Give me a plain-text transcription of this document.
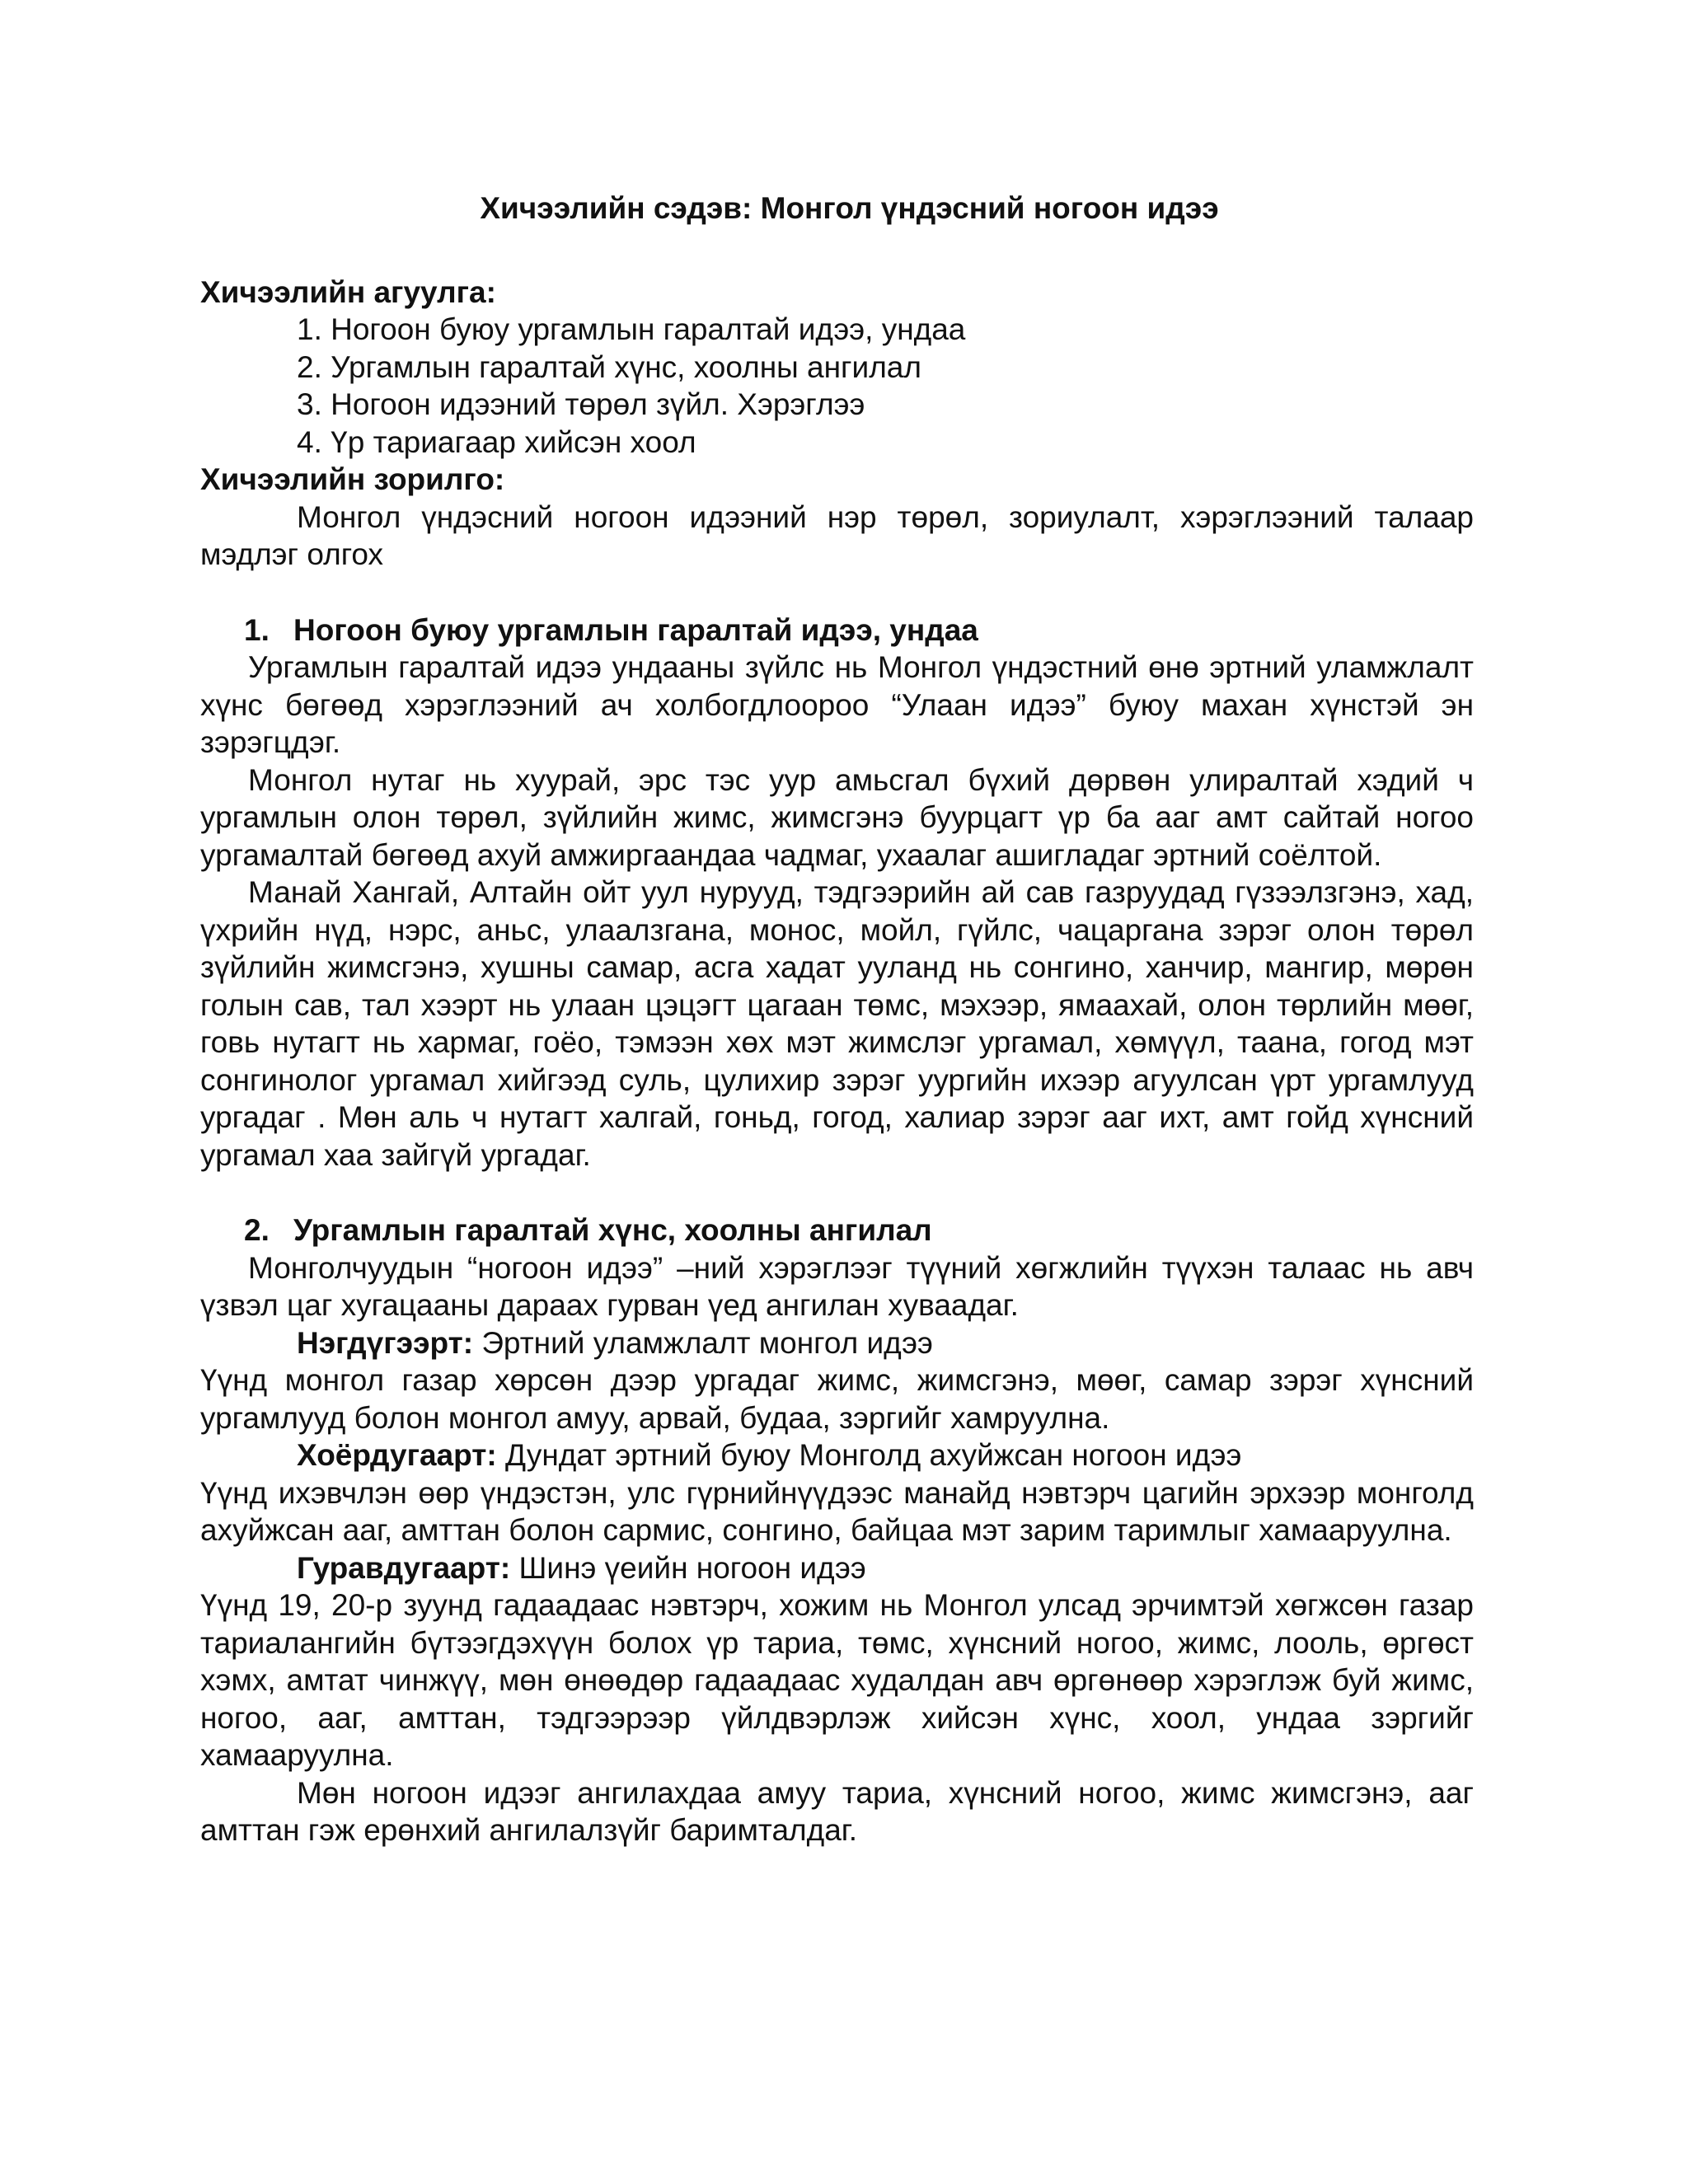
Хичээлийн сэдэв: Монгол үндэсний ногоон идээ
Хичээлийн агуулга:
1. Ногоон буюу ургамлын гаралтай идээ, ундаа
2. Ургамлын гаралтай хүнс, хоолны ангилал
3. Ногоон идээний төрөл зүйл. Хэрэглээ
4. Үр тариагаар хийсэн хоол
Хичээлийн зорилго:

Монгол үндэсний ногоон идээний нэр төрөл, зориулалт, хэрэглээний талаар мэдлэг олгох

1. Ногоон буюу ургамлын гаралтай идээ, ундаа

Ургамлын гаралтай идээ ундааны зүйлс нь Монгол үндэстний өнө эртний уламжлалт хүнс бөгөөд хэрэглээний ач холбогдлоороо “Улаан идээ” буюу махан хүнстэй эн зэрэгцдэг.

Монгол нутаг нь хуурай, эрс тэс уур амьсгал бүхий дөрвөн улиралтай хэдий ч ургамлын олон төрөл, зүйлийн жимс, жимсгэнэ буурцагт үр ба ааг амт сайтай ногоо ургамалтай бөгөөд ахуй амжиргаандаа чадмаг, ухаалаг ашигладаг эртний соёлтой.

Манай Хангай, Алтайн ойт уул нурууд, тэдгээрийн ай сав газруудад гүзээлзгэнэ, хад, үхрийн нүд, нэрс, аньс, улаалзгана, монос, мойл, гүйлс, чацаргана зэрэг олон төрөл зүйлийн жимсгэнэ, хушны самар, асга хадат ууланд нь сонгино, ханчир, мангир, мөрөн голын сав, тал хээрт нь улаан цэцэгт цагаан төмс, мэхээр, ямаахай, олон төрлийн мөөг, говь нутагт нь хармаг, гоёо, тэмээн хөх мэт жимслэг ургамал, хөмүүл, таана, гогод мэт сонгинолог ургамал хийгээд суль, цулихир зэрэг уургийн ихээр агуулсан үрт ургамлууд ургадаг . Мөн аль ч нутагт халгай, гоньд, гогод, халиар зэрэг ааг ихт, амт гойд хүнсний ургамал хаа зайгүй ургадаг.

2. Ургамлын гаралтай хүнс, хоолны ангилал

Монголчуудын “ногоон идээ” –ний хэрэглээг түүний хөгжлийн түүхэн талаас нь авч үзвэл цаг хугацааны дараах гурван үед ангилан хуваадаг.

Нэгдүгээрт: Эртний уламжлалт монгол идээ

Үүнд монгол газар хөрсөн дээр ургадаг жимс, жимсгэнэ, мөөг, самар зэрэг хүнсний ургамлууд болон монгол амуу, арвай, будаа, зэргийг хамруулна.

Хоёрдугаарт: Дундат эртний буюу Монголд ахуйжсан ногоон идээ

Үүнд ихэвчлэн өөр үндэстэн, улс гүрнийнүүдээс манайд нэвтэрч цагийн эрхээр монголд ахуйжсан ааг, амттан болон сармис, сонгино, байцаа мэт зарим таримлыг хамааруулна.

Гуравдугаарт: Шинэ үеийн ногоон идээ

Үүнд 19, 20-р зуунд гадаадаас нэвтэрч, хожим нь Монгол улсад эрчимтэй хөгжсөн газар тариалангийн бүтээгдэхүүн болох үр тариа, төмс, хүнсний ногоо, жимс, лооль, өргөст хэмх, амтат чинжүү, мөн өнөөдөр гадаадаас худалдан авч өргөнөөр хэрэглэж буй жимс, ногоо, ааг, амттан, тэдгээрээр үйлдвэрлэж хийсэн хүнс, хоол, ундаа зэргийг хамааруулна.

Мөн ногоон идээг ангилахдаа амуу тариа, хүнсний ногоо, жимс жимсгэнэ, ааг амттан гэж ерөнхий ангилалзүйг баримталдаг.
